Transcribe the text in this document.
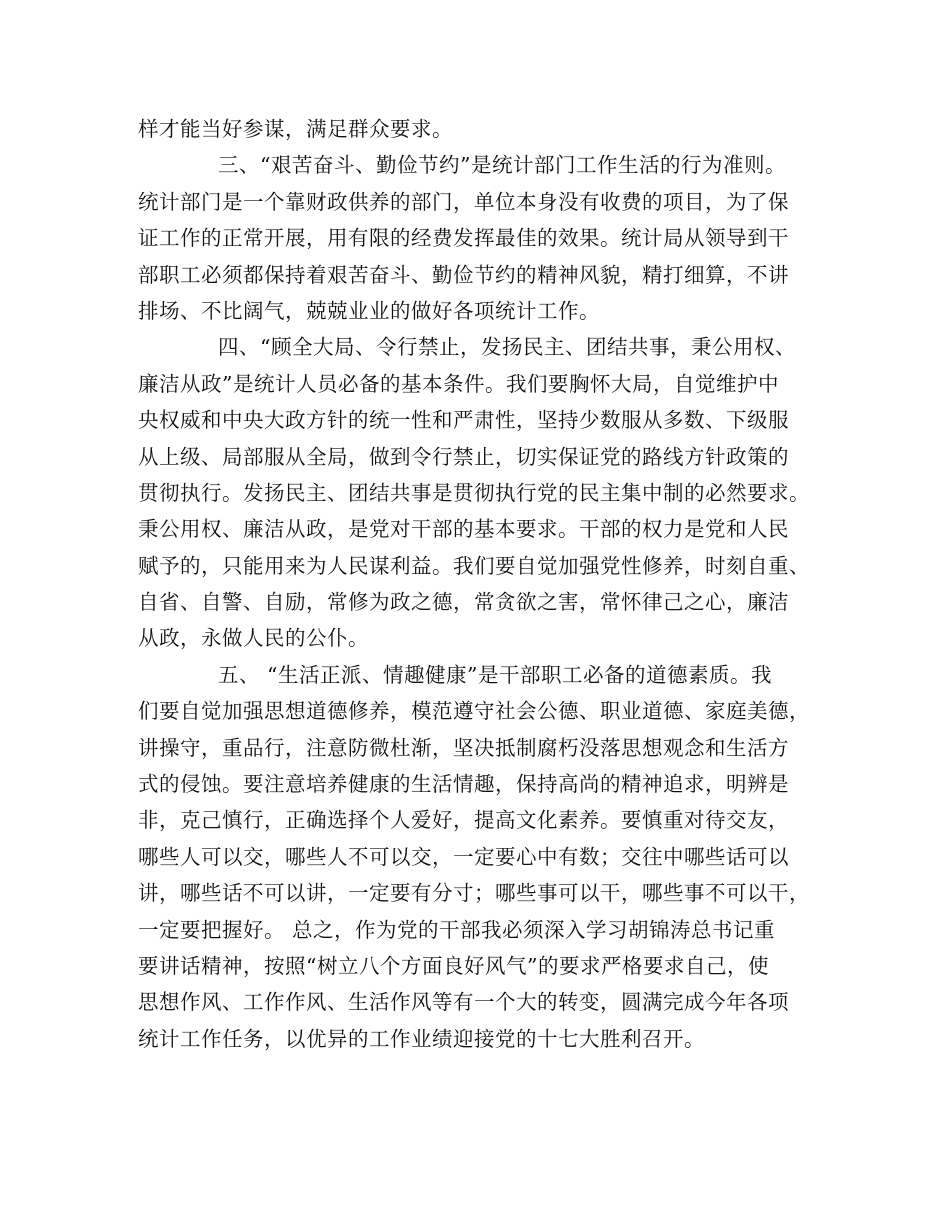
样才能当好参谋，满足群众要求。
三、“艰苦奋斗、勤俭节约”是统计部门工作生活的行为准则。
统计部门是一个靠财政供养的部门，单位本身没有收费的项目，为了保
证工作的正常开展，用有限的经费发挥最佳的效果。统计局从领导到干
部职工必须都保持着艰苦奋斗、勤俭节约的精神风貌，精打细算，不讲
排场、不比阔气，兢兢业业的做好各项统计工作。
四、“顾全大局、令行禁止，发扬民主、团结共事，秉公用权、
廉洁从政”是统计人员必备的基本条件。我们要胸怀大局，自觉维护中
央权威和中央大政方针的统一性和严肃性，坚持少数服从多数、下级服
从上级、局部服从全局，做到令行禁止，切实保证党的路线方针政策的
贯彻执行。发扬民主、团结共事是贯彻执行党的民主集中制的必然要求。
秉公用权、廉洁从政，是党对干部的基本要求。干部的权力是党和人民
赋予的，只能用来为人民谋利益。我们要自觉加强党性修养，时刻自重、
自省、自警、自励，常修为政之德，常贪欲之害，常怀律己之心，廉洁
从政，永做人民的公仆。
五、 “生活正派、情趣健康”是干部职工必备的道德素质。我
们要自觉加强思想道德修养，模范遵守社会公德、职业道德、家庭美德，
讲操守，重品行，注意防微杜渐，坚决抵制腐朽没落思想观念和生活方
式的侵蚀。要注意培养健康的生活情趣，保持高尚的精神追求，明辨是
非，克己慎行，正确选择个人爱好，提高文化素养。要慎重对待交友，
哪些人可以交，哪些人不可以交，一定要心中有数；交往中哪些话可以
讲，哪些话不可以讲，一定要有分寸；哪些事可以干，哪些事不可以干，
一定要把握好。 总之，作为党的干部我必须深入学习胡锦涛总书记重
要讲话精神，按照“树立八个方面良好风气”的要求严格要求自己，使
思想作风、工作作风、生活作风等有一个大的转变，圆满完成今年各项
统计工作任务，以优异的工作业绩迎接党的十七大胜利召开。
